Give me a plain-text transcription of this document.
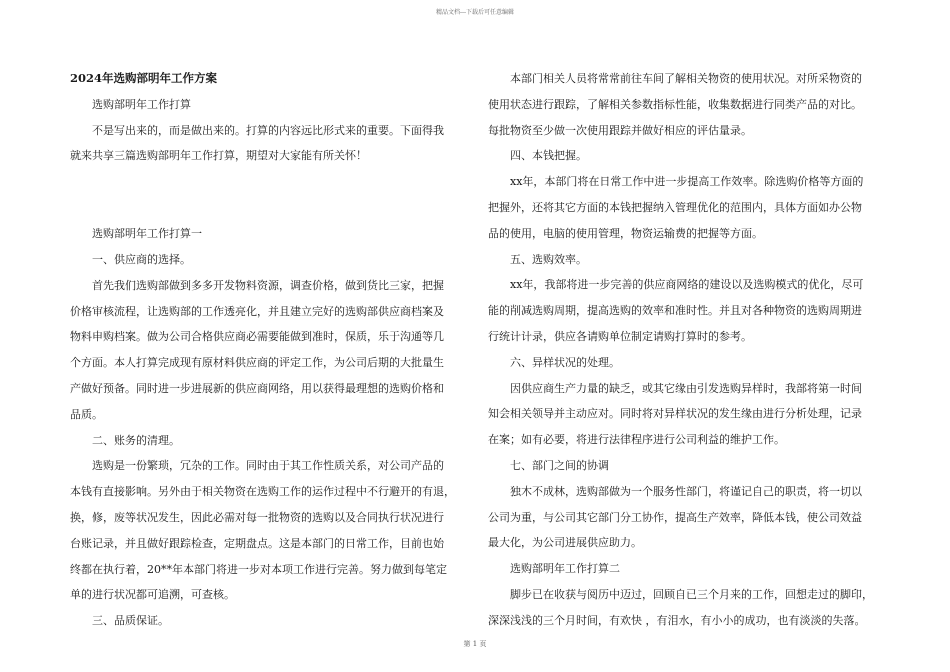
精品文档---下载后可任意编辑

2024年选购部明年工作方案

选购部明年工作打算

不是写出来的，而是做出来的。打算的内容远比形式来的重要。下面得我

就来共享三篇选购部明年工作打算，期望对大家能有所关怀！

选购部明年工作打算一

一、供应商的选择。

首先我们选购部做到多多开发物料资源，调查价格，做到货比三家，把握

价格审核流程，让选购部的工作透亮化，并且建立完好的选购部供应商档案及

物料申购档案。做为公司合格供应商必需要能做到准时，保质，乐于沟通等几

个方面。本人打算完成现有原材料供应商的评定工作，为公司后期的大批量生

产做好预备。同时进一步进展新的供应商网络，用以获得最理想的选购价格和

品质。

二、账务的清理。

选购是一份繁琐，冗杂的工作。同时由于其工作性质关系，对公司产品的

本钱有直接影响。另外由于相关物资在选购工作的运作过程中不行避开的有退，

换，修，废等状况发生，因此必需对每一批物资的选购以及合同执行状况进行

台账记录，并且做好跟踪检查，定期盘点。这是本部门的日常工作，目前也始

终都在执行着，20**年本部门将进一步对本项工作进行完善。努力做到每笔定

单的进行状况都可追溯，可查核。

三、品质保证。

本部门相关人员将常常前往车间了解相关物资的使用状况。对所采物资的

使用状态进行跟踪，了解相关参数指标性能，收集数据进行同类产品的对比。

每批物资至少做一次使用跟踪并做好相应的评估量录。

四、本钱把握。

xx年，本部门将在日常工作中进一步提高工作效率。除选购价格等方面的

把握外，还将其它方面的本钱把握纳入管理优化的范围内，具体方面如办公物

品的使用，电脑的使用管理，物资运输费的把握等方面。

五、选购效率。

xx年，我部将进一步完善的供应商网络的建设以及选购模式的优化，尽可

能的削减选购周期，提高选购的效率和准时性。并且对各种物资的选购周期进

行统计计录，供应各请购单位制定请购打算时的参考。

六、异样状况的处理。

因供应商生产力量的缺乏，或其它缘由引发选购异样时，我部将第一时间

知会相关领导并主动应对。同时将对异样状况的发生缘由进行分析处理，记录

在案；如有必要，将进行法律程序进行公司利益的维护工作。

七、部门之间的协调

独木不成林，选购部做为一个服务性部门，将谨记自己的职责，将一切以

公司为重，与公司其它部门分工协作，提高生产效率，降低本钱，使公司效益

最大化，为公司进展供应助力。

选购部明年工作打算二

脚步已在收获与阅历中迈过，回顾自已三个月来的工作，回想走过的脚印，

深深浅浅的三个月时间，有欢快 ，有泪水，有小小的成功，也有淡淡的失落。

第 1 页
